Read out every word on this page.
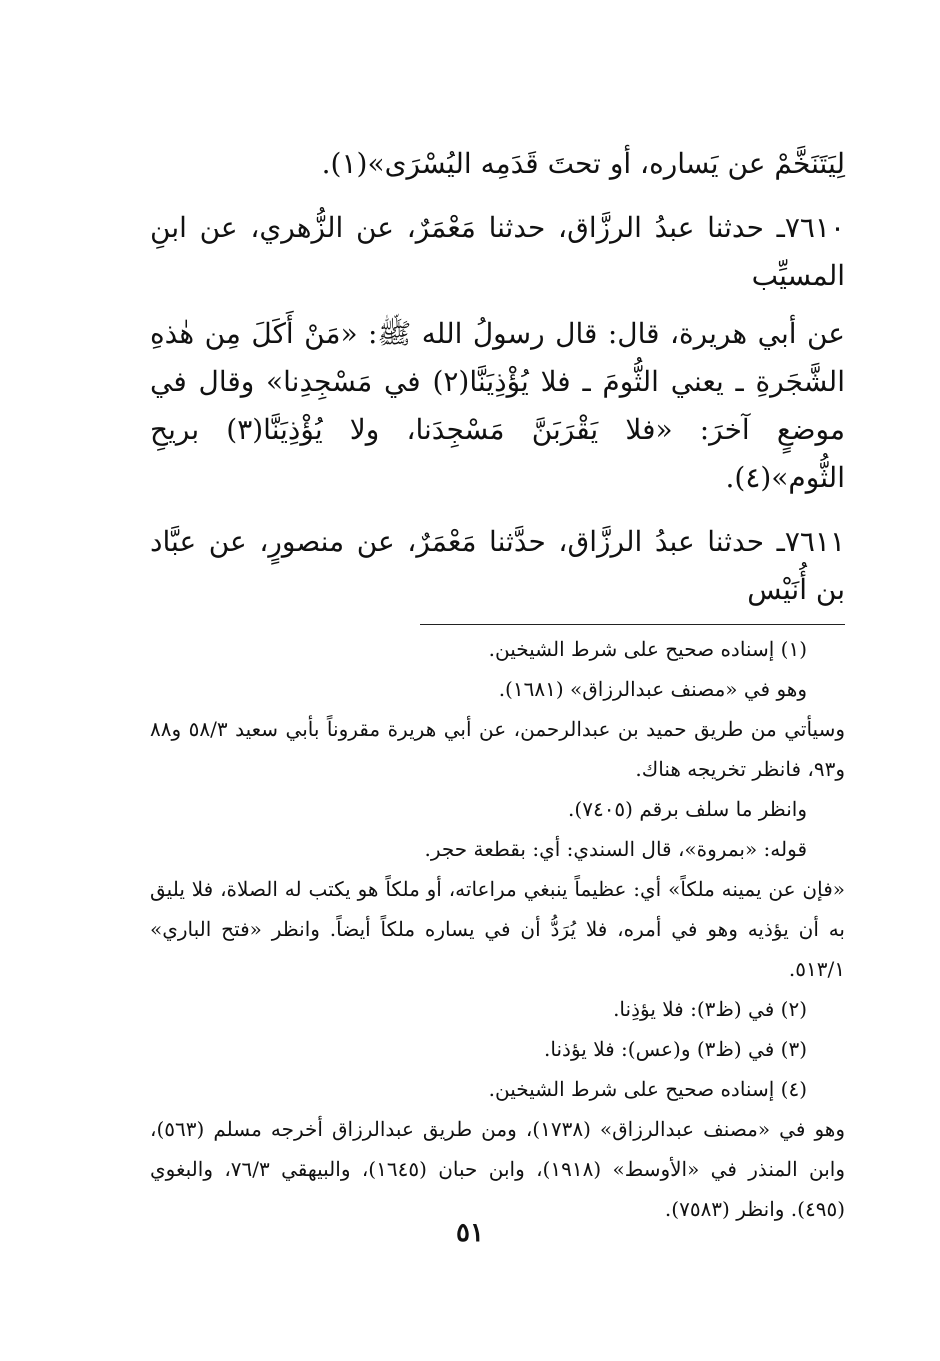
لِيَتَنَخَّمْ عن يَساره، أو تحتَ قَدَمِه اليُسْرَى»(١).

٧٦١٠ـ حدثنا عبدُ الرزَّاق، حدثنا مَعْمَرٌ، عن الزُّهري، عن ابنِ المسيِّب

عن أبي هريرة، قال: قال رسولُ الله ﷺ: «مَنْ أَكَلَ مِن هٰذهِ الشَّجَرةِ ـ يعني الثُّومَ ـ فلا يُؤْذِيَنَّا(٢) في مَسْجِدِنا» وقال في موضعٍ آخرَ: «فلا يَقْرَبَنَّ مَسْجِدَنا، ولا يُؤْذِيَنَّا(٣) بريحِ الثُّوم»(٤).

٧٦١١ـ حدثنا عبدُ الرزَّاق، حدَّثنا مَعْمَرٌ، عن منصورٍ، عن عبَّاد بن أُنَيْس

(١) إسناده صحيح على شرط الشيخين.

وهو في «مصنف عبدالرزاق» (١٦٨١).

وسيأتي من طريق حميد بن عبدالرحمن، عن أبي هريرة مقروناً بأبي سعيد ٥٨/٣ و٨٨ و٩٣، فانظر تخريجه هناك.

وانظر ما سلف برقم (٧٤٠٥).

قوله: «بمروة»، قال السندي: أي: بقطعة حجر.

«فإن عن يمينه ملكاً» أي: عظيماً ينبغي مراعاته، أو ملكاً هو يكتب له الصلاة، فلا يليق به أن يؤذيه وهو في أمره، فلا يُرَدُّ أن في يساره ملكاً أيضاً. وانظر «فتح الباري» ٥١٣/١.

(٢) في (ظ٣): فلا يؤذِنا.

(٣) في (ظ٣) و(عس): فلا يؤذنا.

(٤) إسناده صحيح على شرط الشيخين.

وهو في «مصنف عبدالرزاق» (١٧٣٨)، ومن طريق عبدالرزاق أخرجه مسلم (٥٦٣)، وابن المنذر في «الأوسط» (١٩١٨)، وابن حبان (١٦٤٥)، والبيهقي ٧٦/٣، والبغوي (٤٩٥). وانظر (٧٥٨٣).

٥١
